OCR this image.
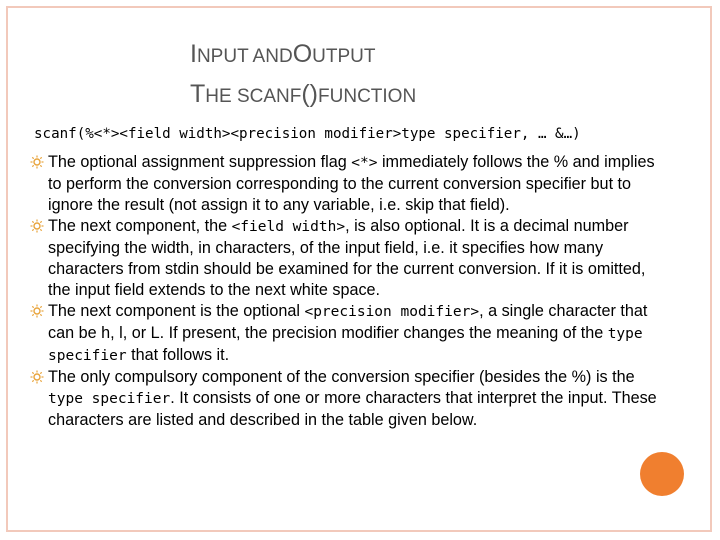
INPUT ANDOUTPUT
THE SCANF()FUNCTION
scanf(%<*><field width><precision modifier>type specifier, … &…)
The optional assignment suppression flag <*> immediately follows the % and implies to perform the conversion corresponding to the current conversion specifier but to ignore the result (not assign it to any variable, i.e. skip that field).
The next component, the <field width>, is also optional. It is a decimal number specifying the width, in characters, of the input field, i.e. it specifies how many characters from stdin should be examined for the current conversion. If it is omitted, the input field extends to the next white space.
The next component is the optional <precision modifier>, a single character that can be h, l, or L. If present, the precision modifier changes the meaning of the type specifier that follows it.
The only compulsory component of the conversion specifier (besides the %) is the type specifier. It consists of one or more characters that interpret the input. These characters are listed and described in the table given below.
